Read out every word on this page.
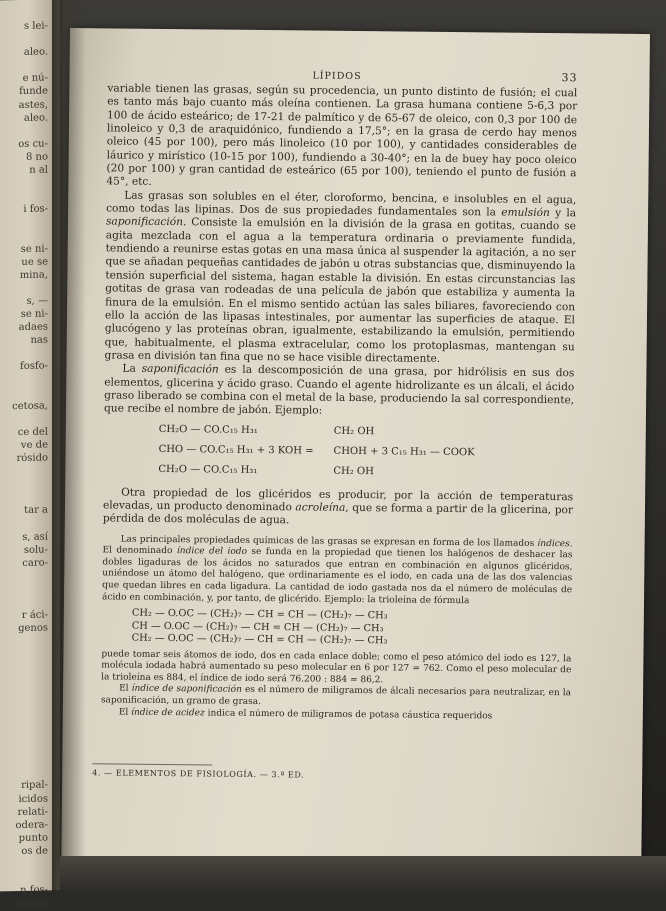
s lei-
aleo.
e nú-
funde
astes,
aleo.
os cu-
8 no
n al
i fos-
se ni-
ue se
mina,
s, —
se ni-
adaes
nas
fosfo-
cetosa,
ce del
ve de
rósido
tar a
s, así
solu-
caro-
r áci-
genos
ripal-
icidos
relati-
odera-
punto
os de
n fos-
rculea
LÍPIDOS	33

variable tienen las grasas, según su procedencia, un punto distinto de fusión; el cual es tanto más bajo cuanto más oleína contienen. La grasa humana contiene 5-6,3 por 100 de ácido esteárico; de 17-21 de palmítico y de 65-67 de oleico, con 0,3 por 100 de linoleico y 0,3 de araquidónico, fundiendo a 17,5°; en la grasa de cerdo hay menos oleico (45 por 100), pero más linoleico (10 por 100), y cantidades considerables de láurico y mirístico (10-15 por 100), fundiendo a 30-40°; en la de buey hay poco oleico (20 por 100) y gran cantidad de esteárico (65 por 100), teniendo el punto de fusión a 45°, etc.

Las grasas son solubles en el éter, cloroformo, bencina, e insolubles en el agua, como todas las lipinas. Dos de sus propiedades fundamentales son la emulsión y la saponificación. Consiste la emulsión en la división de la grasa en gotitas, cuando se agita mezclada con el agua a la temperatura ordinaria o previamente fundida, tendiendo a reunirse estas gotas en una masa única al suspender la agitación, a no ser que se añadan pequeñas cantidades de jabón u otras substancias que, disminuyendo la tensión superficial del sistema, hagan estable la división. En estas circunstancias las gotitas de grasa van rodeadas de una película de jabón que estabiliza y aumenta la finura de la emulsión. En el mismo sentido actúan las sales biliares, favoreciendo con ello la acción de las lipasas intestinales, por aumentar las superficies de ataque. El glucógeno y las proteínas obran, igualmente, estabilizando la emulsión, permitiendo que, habitualmente, el plasma extracelular, como los protoplasmas, mantengan su grasa en división tan fina que no se hace visible directamente.

La saponificación es la descomposición de una grasa, por hidrólisis en sus dos elementos, glicerina y ácido graso. Cuando el agente hidrolizante es un álcali, el ácido graso liberado se combina con el metal de la base, produciendo la sal correspondiente, que recibe el nombre de jabón. Ejemplo:

CH₂O — CO.C₁₅ H₃₁
CHO — CO.C₁₅ H₃₁ + 3 KOH =
CH₂O — CO.C₁₅ H₃₁
CH₂ OH
CHOH + 3 C₁₅ H₃₁ — COOK
CH₂ OH

Otra propiedad de los glicéridos es producir, por la acción de temperaturas elevadas, un producto denominado acroleína, que se forma a partir de la glicerina, por pérdida de dos moléculas de agua.

Las principales propiedades químicas de las grasas se expresan en forma de los llamados índices. El denominado índice del iodo se funda en la propiedad que tienen los halógenos de deshacer las dobles ligaduras de los ácidos no saturados que entran en combinación en algunos glicéridos, uniéndose un átomo del halógeno, que ordinariamente es el iodo, en cada una de las dos valencias que quedan libres en cada ligadura. La cantidad de iodo gastada nos da el número de moléculas de ácido en combinación, y, por tanto, de glicérido. Ejemplo: la trioleína de fórmula

CH₂ — O.OC — (CH₂)₇ — CH = CH — (CH₂)₇ — CH₃
CH — O.OC — (CH₂)₇ — CH = CH — (CH₂)₇ — CH₃
CH₂ — O.OC — (CH₂)₇ — CH = CH — (CH₂)₇ — CH₃

puede tomar seis átomos de iodo, dos en cada enlace doble; como el peso atómico del iodo es 127, la molécula iodada habrá aumentado su peso molecular en 6 por 127 = 762. Como el peso molecular de la trioleína es 884, el índice de iodo será 76.200 : 884 = 86,2.

El índice de saponificación es el número de miligramos de álcali necesarios para neutralizar, en la saponificación, un gramo de grasa.

El índice de acidez indica el número de miligramos de potasa cáustica requeridos

4. — ELEMENTOS DE FISIOLOGÍA. — 3.ª ED.
